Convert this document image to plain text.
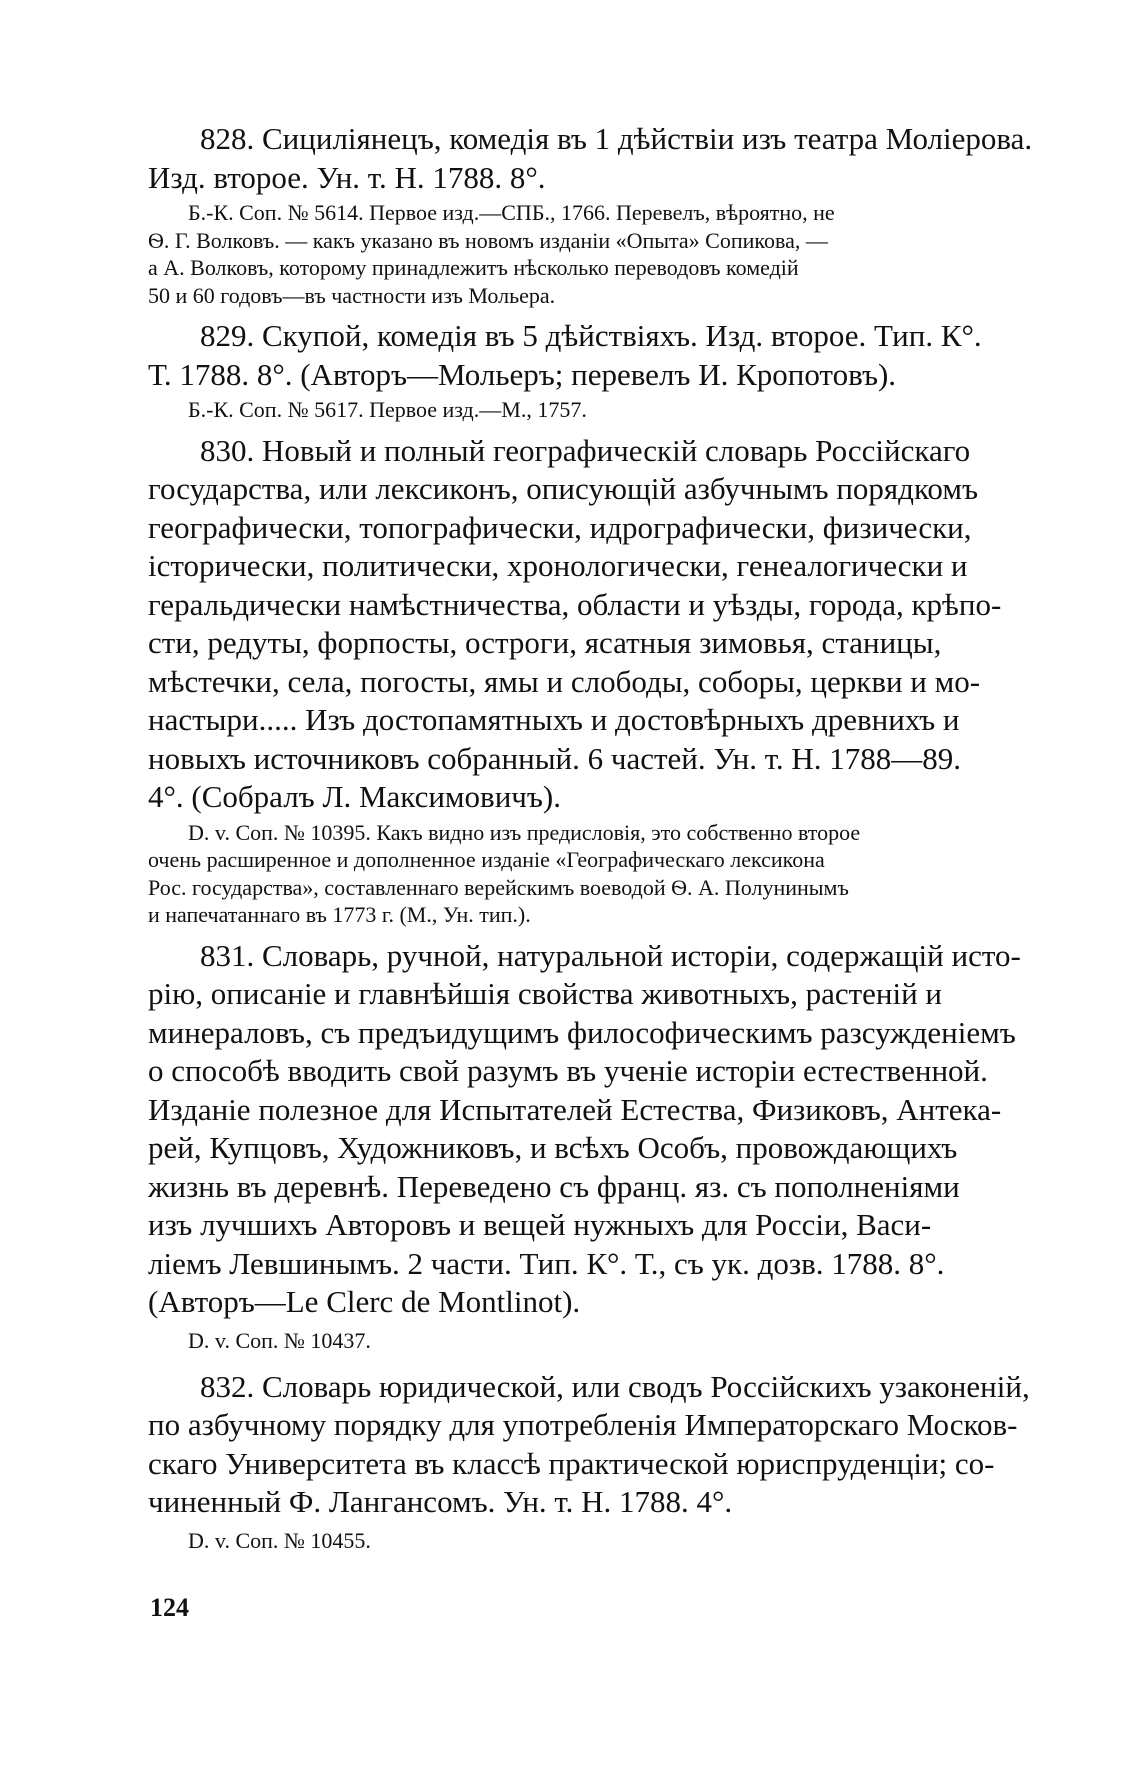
828. Сицилiянецъ, комедiя въ 1 дѣйствiи изъ театра Молiерова.
Изд. второе. Ун. т. Н. 1788. 8°.
Б.-К. Соп. № 5614. Первое изд.—СПБ., 1766. Перевелъ, вѣроятно, не
Ѳ. Г. Волковъ. — какъ указано въ новомъ изданiи «Опыта» Сопикова, —
а А. Волковъ, которому принадлежитъ нѣсколько переводовъ комедiй
50 и 60 годовъ—въ частности изъ Мольера.
829. Скупой, комедiя въ 5 дѣйствiяхъ. Изд. второе. Тип. К°.
Т. 1788. 8°. (Авторъ—Мольеръ; перевелъ И. Кропотовъ).
Б.-К. Соп. № 5617. Первое изд.—М., 1757.
830. Новый и полный географическiй словарь Россiйскаго
государства, или лексиконъ, описующiй азбучнымъ порядкомъ
географически, топографически, идрографически, физически,
iсторически, политически, хронологически, генеалогически и
геральдически намѣстничества, области и уѣзды, города, крѣпо-
сти, редуты, форпосты, остроги, ясатныя зимовья, станицы,
мѣстечки, села, погосты, ямы и слободы, соборы, церкви и мо-
настыри..... Изъ достопамятныхъ и достовѣрныхъ древнихъ и
новыхъ источниковъ собранный. 6 частей. Ун. т. Н. 1788—89.
4°. (Собралъ Л. Максимовичъ).
D. v. Соп. № 10395. Какъ видно изъ предисловiя, это собственно второе
очень расширенное и дополненное изданiе «Географическаго лексикона
Рос. государства», составленнаго верейскимъ воеводой Ѳ. А. Полунинымъ
и напечатаннаго въ 1773 г. (М., Ун. тип.).
831. Словарь, ручной, натуральной исторiи, содержащiй исто-
рiю, описанiе и главнѣйшiя свойства животныхъ, растенiй и
минераловъ, съ предъидущимъ философическимъ разсужденiемъ
о способѣ вводить свой разумъ въ ученiе исторiи естественной.
Изданiе полезное для Испытателей Естества, Физиковъ, Антека-
рей, Купцовъ, Художниковъ, и всѣхъ Особъ, провождающихъ
жизнь въ деревнѣ. Переведено съ франц. яз. съ пополненiями
изъ лучшихъ Авторовъ и вещей нужныхъ для Россiи, Васи-
лiемъ Левшинымъ. 2 части. Тип. К°. Т., съ ук. дозв. 1788. 8°.
(Авторъ—Le Clerc de Montlinot).
D. v. Соп. № 10437.
832. Словарь юридической, или сводъ Россiйскихъ узаконенiй,
по азбучному порядку для употребленiя Императорскаго Москов-
скаго Университета въ классѣ практической юриспруденцiи; со-
чиненный Ф. Лангансомъ. Ун. т. Н. 1788. 4°.
D. v. Соп. № 10455.
124
